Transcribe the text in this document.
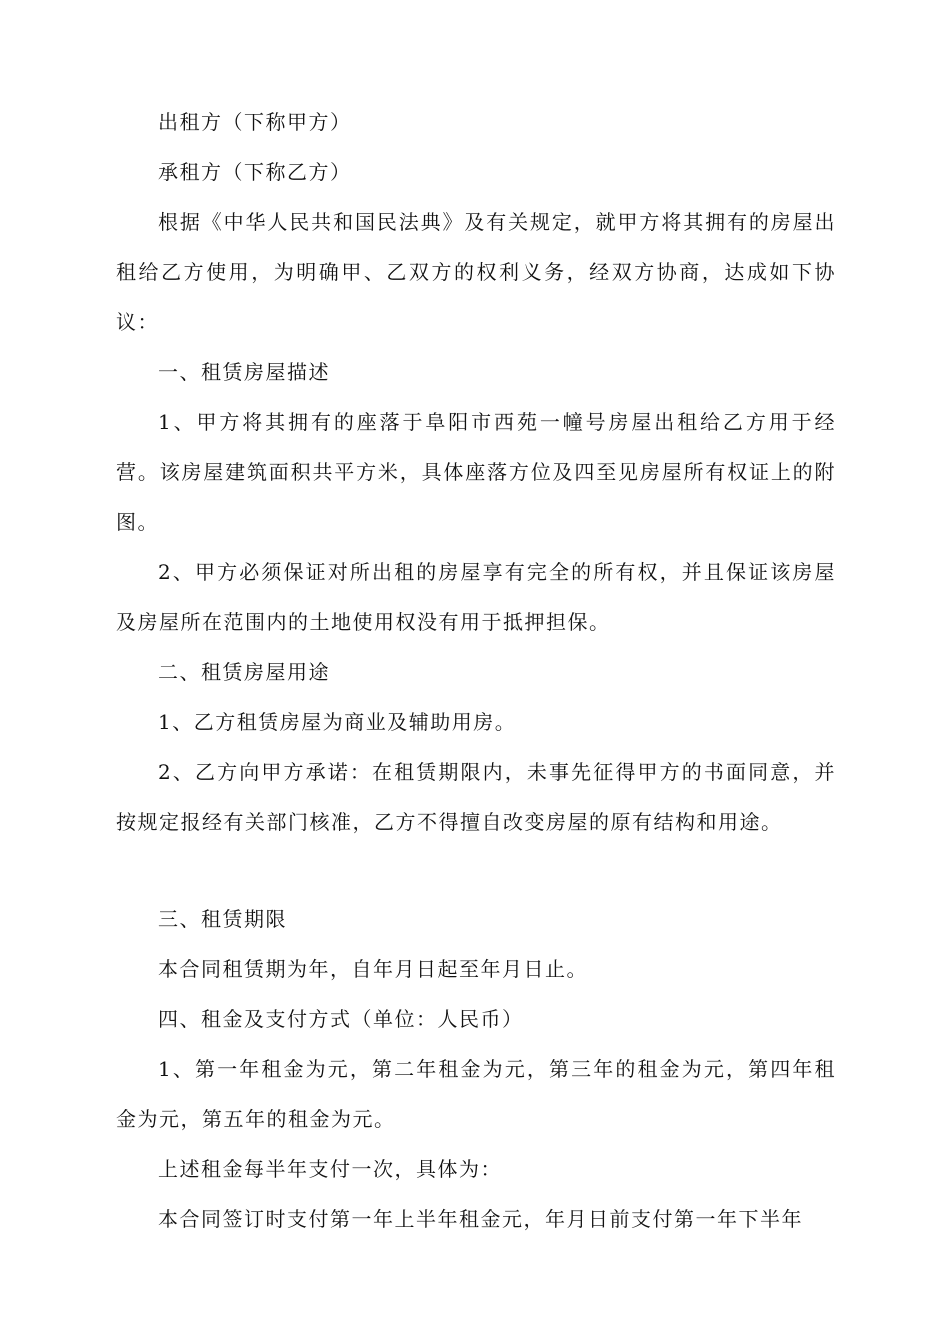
出租方（下称甲方）

承租方（下称乙方）

根据《中华人民共和国民法典》及有关规定，就甲方将其拥有的房屋出租给乙方使用，为明确甲、乙双方的权利义务，经双方协商，达成如下协议：

一、租赁房屋描述

1、甲方将其拥有的座落于阜阳市西苑一幢号房屋出租给乙方用于经营。该房屋建筑面积共平方米，具体座落方位及四至见房屋所有权证上的附图。

2、甲方必须保证对所出租的房屋享有完全的所有权，并且保证该房屋及房屋所在范围内的土地使用权没有用于抵押担保。

二、租赁房屋用途

1、乙方租赁房屋为商业及辅助用房。

2、乙方向甲方承诺：在租赁期限内，未事先征得甲方的书面同意，并按规定报经有关部门核准，乙方不得擅自改变房屋的原有结构和用途。

三、租赁期限

本合同租赁期为年，自年月日起至年月日止。

四、租金及支付方式（单位：人民币）

1、第一年租金为元，第二年租金为元，第三年的租金为元，第四年租金为元，第五年的租金为元。

上述租金每半年支付一次，具体为：

本合同签订时支付第一年上半年租金元，年月日前支付第一年下半年
